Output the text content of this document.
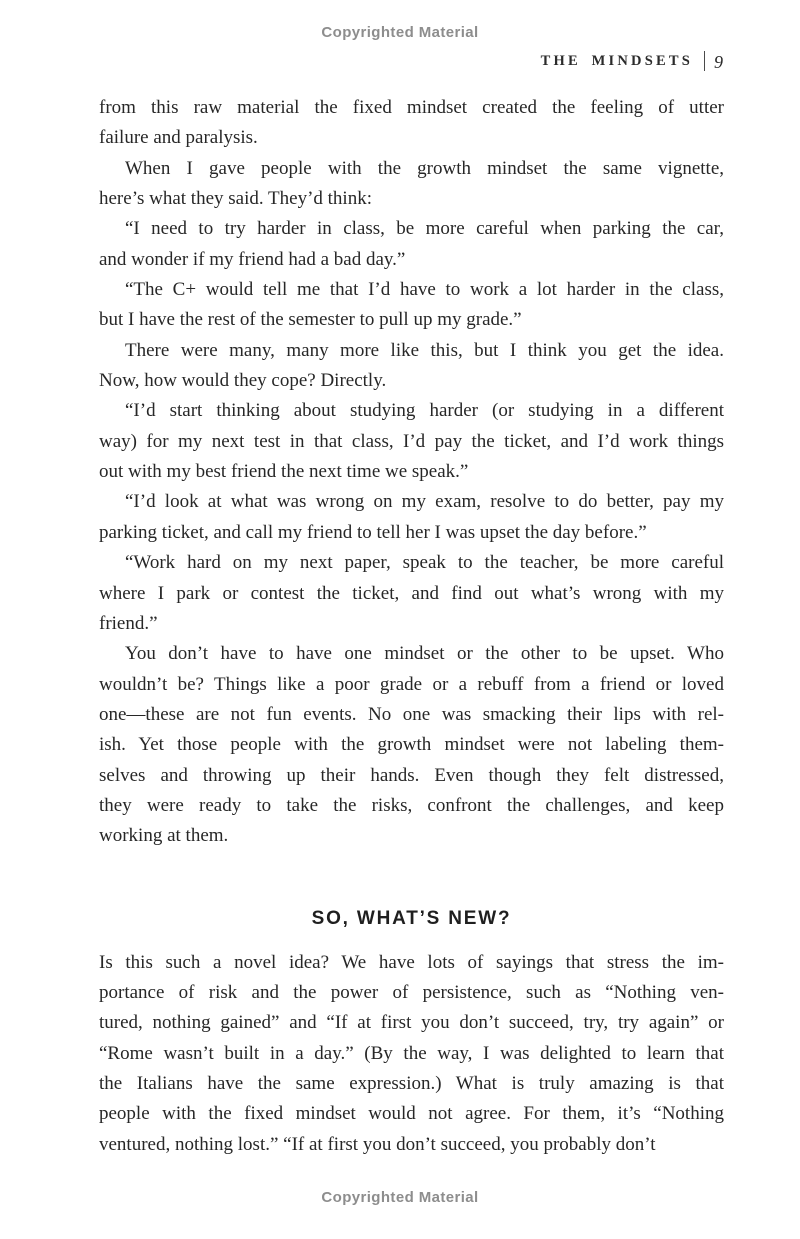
Copyrighted Material
THE MINDSETS 9
from this raw material the fixed mindset created the feeling of utter
failure and paralysis.
When I gave people with the growth mindset the same vignette,
here’s what they said. They’d think:
“I need to try harder in class, be more careful when parking the car,
and wonder if my friend had a bad day.”
“The C+ would tell me that I’d have to work a lot harder in the class,
but I have the rest of the semester to pull up my grade.”
There were many, many more like this, but I think you get the idea.
Now, how would they cope? Directly.
“I’d start thinking about studying harder (or studying in a different
way) for my next test in that class, I’d pay the ticket, and I’d work things
out with my best friend the next time we speak.”
“I’d look at what was wrong on my exam, resolve to do better, pay my
parking ticket, and call my friend to tell her I was upset the day before.”
“Work hard on my next paper, speak to the teacher, be more careful
where I park or contest the ticket, and find out what’s wrong with my
friend.”
You don’t have to have one mindset or the other to be upset. Who
wouldn’t be? Things like a poor grade or a rebuff from a friend or loved
one—these are not fun events. No one was smacking their lips with rel-
ish. Yet those people with the growth mindset were not labeling them-
selves and throwing up their hands. Even though they felt distressed,
they were ready to take the risks, confront the challenges, and keep
working at them.
SO, WHAT’S NEW?
Is this such a novel idea? We have lots of sayings that stress the im-
portance of risk and the power of persistence, such as “Nothing ven-
tured, nothing gained” and “If at first you don’t succeed, try, try again” or
“Rome wasn’t built in a day.” (By the way, I was delighted to learn that
the Italians have the same expression.) What is truly amazing is that
people with the fixed mindset would not agree. For them, it’s “Nothing
ventured, nothing lost.” “If at first you don’t succeed, you probably don’t
Copyrighted Material
